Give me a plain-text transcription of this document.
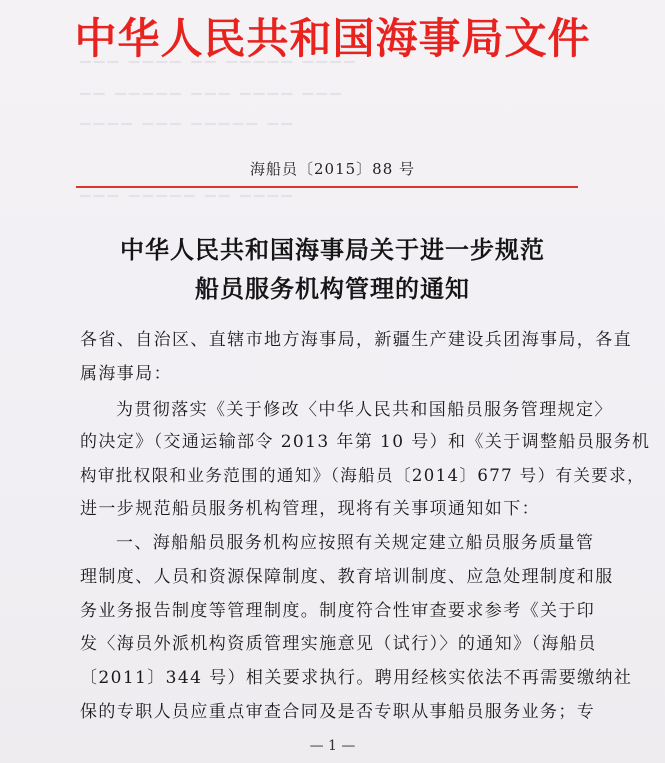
▔▔▔ ▔▔▔▔ ▔▔ ▔▔▔▔▔ ▔▔▔▔
▔▔ ▔▔▔▔▔ ▔▔▔ ▔▔▔▔ ▔▔▔
▔▔▔▔ ▔▔▔ ▔▔▔▔▔ ▔▔
▔▔▔ ▔▔▔▔▔ ▔▔ ▔▔▔▔
中华人民共和国海事局文件
海船员〔2015〕88 号
中华人民共和国海事局关于进一步规范
船员服务机构管理的通知
各省、自治区、直辖市地方海事局，新疆生产建设兵团海事局，各直
属海事局：
为贯彻落实《关于修改〈中华人民共和国船员服务管理规定〉
的决定》（交通运输部令 2013 年第 10 号）和《关于调整船员服务机
构审批权限和业务范围的通知》（海船员〔2014〕677 号）有关要求，
进一步规范船员服务机构管理，现将有关事项通知如下：
一、海船船员服务机构应按照有关规定建立船员服务质量管
理制度、人员和资源保障制度、教育培训制度、应急处理制度和服
务业务报告制度等管理制度。制度符合性审查要求参考《关于印
发〈海员外派机构资质管理实施意见（试行）〉的通知》（海船员
〔2011〕344 号）相关要求执行。聘用经核实依法不再需要缴纳社
保的专职人员应重点审查合同及是否专职从事船员服务业务；专
— 1 —
